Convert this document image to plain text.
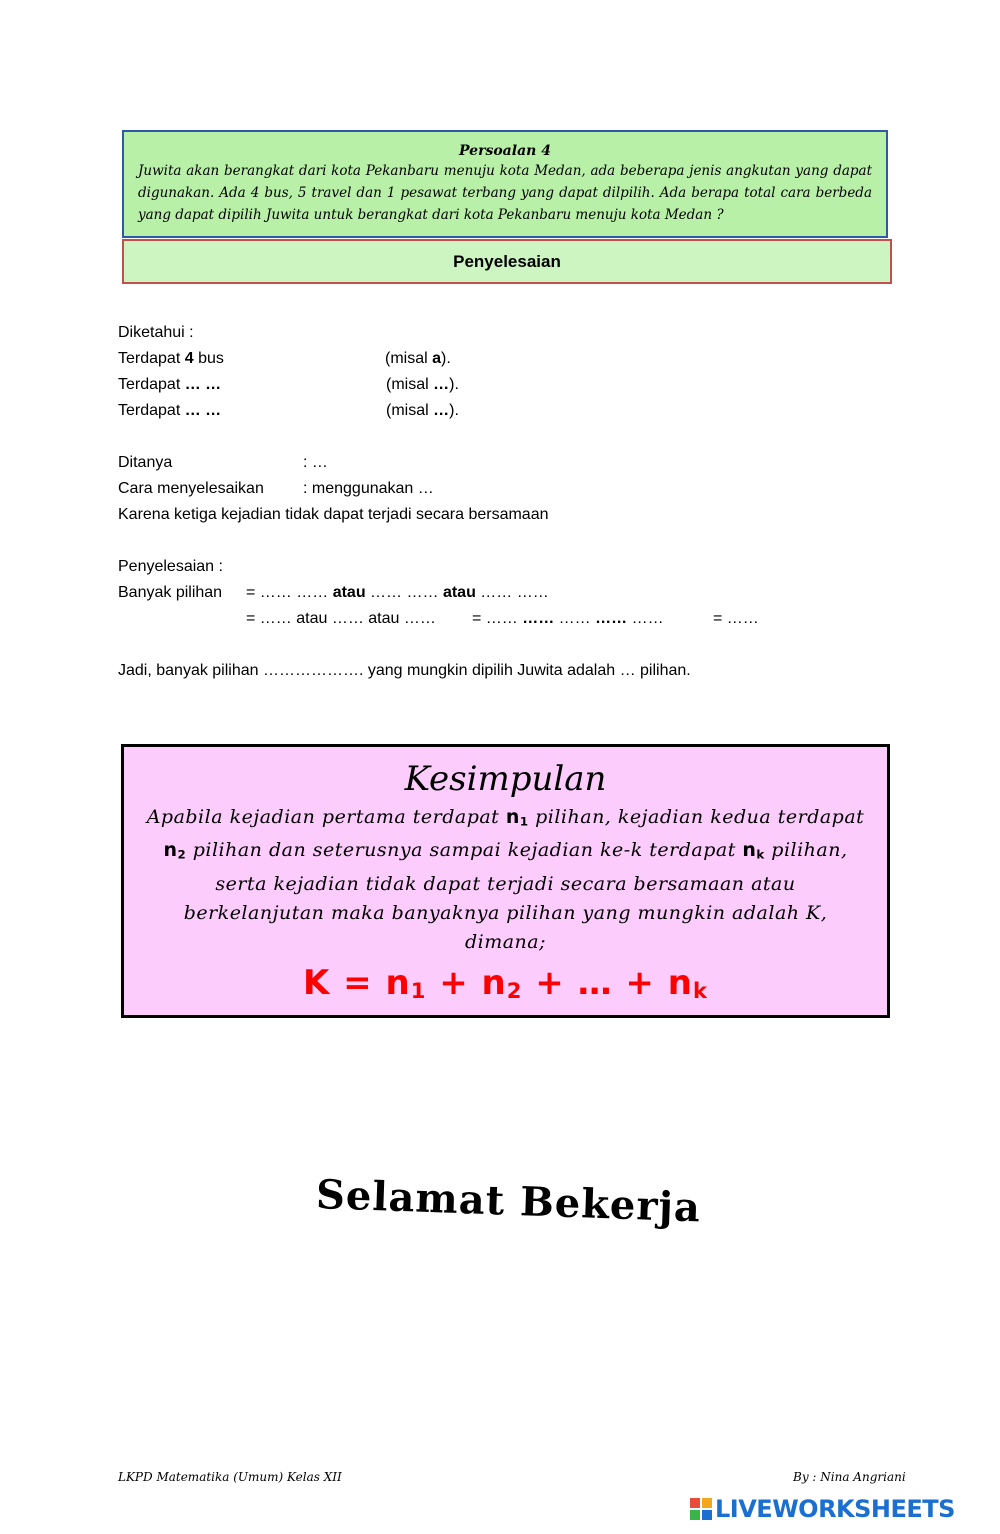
Persoalan 4

Juwita akan berangkat dari kota Pekanbaru menuju kota Medan, ada beberapa jenis angkutan yang dapat digunakan. Ada 4 bus, 5 travel dan 1 pesawat terbang yang dapat dilpilih. Ada berapa total cara berbeda yang dapat dipilih Juwita untuk berangkat dari kota Pekanbaru menuju kota Medan ?

Penyelesaian
Diketahui :
Terdapat 4 bus	(misal a).
Terdapat … …	(misal …).
Terdapat … …	(misal …).
Ditanya	: …
Cara menyelesaikan : menggunakan …
Karena ketiga kejadian tidak dapat terjadi secara bersamaan
Penyelesaian :
Banyak pilihan = …… …… atau …… …… atau …… ……
= …… atau …… atau …… = …… …… …… …… ……	= ……
Jadi, banyak pilihan ………………. yang mungkin dipilih Juwita adalah … pilihan.
Kesimpulan

Apabila kejadian pertama terdapat $n_1$ pilihan, kejadian kedua terdapat $n_2$ pilihan dan seterusnya sampai kejadian ke-k terdapat $n_k$ pilihan, serta kejadian tidak dapat terjadi secara bersamaan atau berkelanjutan maka banyaknya pilihan yang mungkin adalah K, dimana;

$K = n_1 + n_2$ + … + $n_k$
Selamat Bekerja
LKPD Matematika (Umum) Kelas XII	By : Nina Angriani
LIVEWORKSHEETS
